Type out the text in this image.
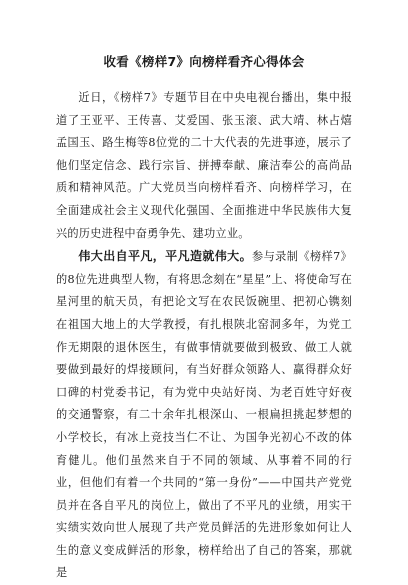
收看《榜样7》向榜样看齐心得体会

近日，《榜样7》专题节目在中央电视台播出，集中报道了王亚平、王传喜、艾爱国、张玉滚、武大靖、林占熺孟国玉、路生梅等8位党的二十大代表的先进事迹，展示了他们坚定信念、践行宗旨、拼搏奉献、廉洁奉公的高尚品质和精神风范。广大党员当向榜样看齐、向榜样学习，在全面建成社会主义现代化强国、全面推进中华民族伟大复兴的历史进程中奋勇争先、建功立业。

伟大出自平凡，平凡造就伟大。参与录制《榜样7》的8位先进典型人物，有将思念刻在“星星”上、将使命写在星河里的航天员，有把论文写在农民饭碗里、把初心镌刻在祖国大地上的大学教授，有扎根陕北窑洞多年，为党工作无期限的退休医生，有做事情就要做到极致、做工人就要做到最好的焊接顾问，有当好群众领路人、赢得群众好口碑的村党委书记，有为党中央站好岗、为老百姓守好夜的交通警察，有二十余年扎根深山、一根扁担挑起梦想的小学校长，有冰上竞技当仁不让、为国争光初心不改的体育健儿。他们虽然来自于不同的领域、从事着不同的行业，但他们有着一个共同的“第一身份”——中国共产党党员并在各自平凡的岗位上，做出了不平凡的业绩，用实干实绩实效向世人展现了共产党员鲜活的先进形象如何让人生的意义变成鲜活的形象，榜样给出了自己的答案，那就是
